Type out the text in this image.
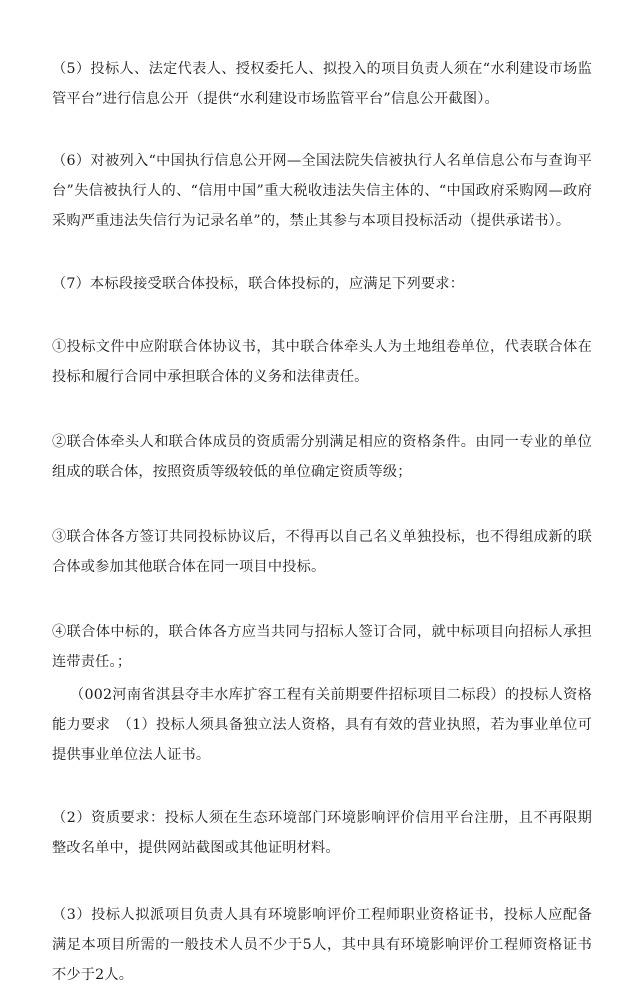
（5）投标人、法定代表人、授权委托人、拟投入的项目负责人须在“水利建设市场监管平台”进行信息公开（提供“水利建设市场监管平台”信息公开截图）。

（6）对被列入“中国执行信息公开网—全国法院失信被执行人名单信息公布与查询平台”失信被执行人的、“信用中国”重大税收违法失信主体的、“中国政府采购网—政府采购严重违法失信行为记录名单”的，禁止其参与本项目投标活动（提供承诺书）。

（7）本标段接受联合体投标，联合体投标的，应满足下列要求：

①投标文件中应附联合体协议书，其中联合体牵头人为土地组卷单位，代表联合体在投标和履行合同中承担联合体的义务和法律责任。

②联合体牵头人和联合体成员的资质需分别满足相应的资格条件。由同一专业的单位组成的联合体，按照资质等级较低的单位确定资质等级；

③联合体各方签订共同投标协议后，不得再以自己名义单独投标，也不得组成新的联合体或参加其他联合体在同一项目中投标。

④联合体中标的，联合体各方应当共同与招标人签订合同，就中标项目向招标人承担连带责任。；

（002河南省淇县夺丰水库扩容工程有关前期要件招标项目二标段）的投标人资格能力要求　（1）投标人须具备独立法人资格，具有有效的营业执照，若为事业单位可提供事业单位法人证书。

（2）资质要求：投标人须在生态环境部门环境影响评价信用平台注册，且不再限期整改名单中，提供网站截图或其他证明材料。

（3）投标人拟派项目负责人具有环境影响评价工程师职业资格证书，投标人应配备满足本项目所需的一般技术人员不少于5人，其中具有环境影响评价工程师资格证书不少于2人。
